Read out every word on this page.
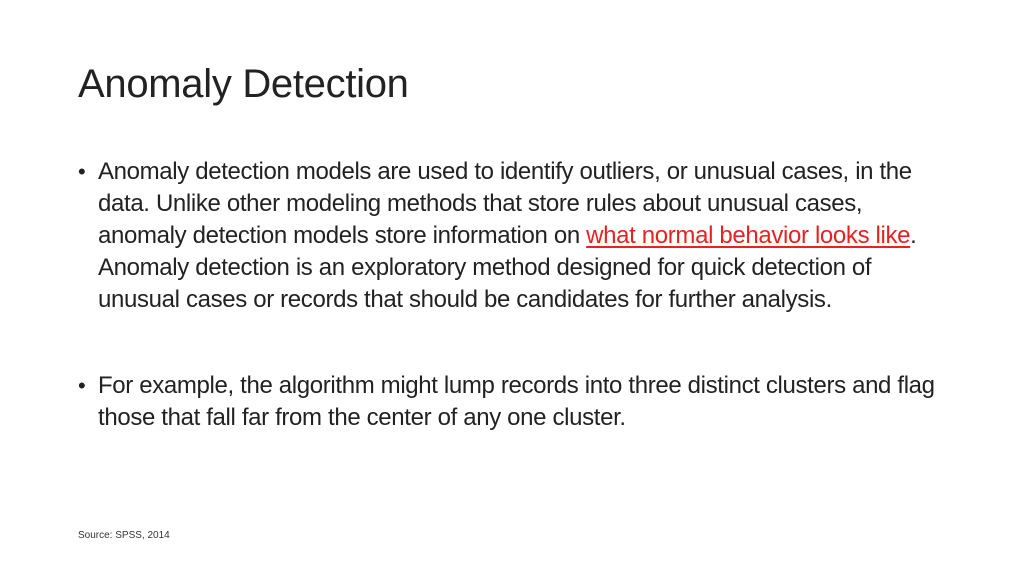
Anomaly Detection
• Anomaly detection models are used to identify outliers, or unusual cases, in the data. Unlike other modeling methods that store rules about unusual cases, anomaly detection models store information on what normal behavior looks like. Anomaly detection is an exploratory method designed for quick detection of unusual cases or records that should be candidates for further analysis.
• For example, the algorithm might lump records into three distinct clusters and flag those that fall far from the center of any one cluster.
Source: SPSS, 2014
